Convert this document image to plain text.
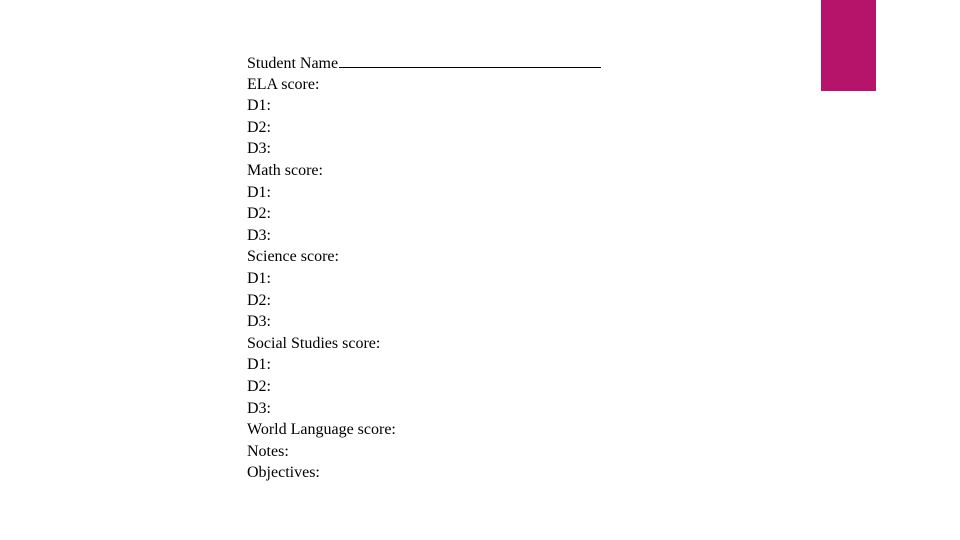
Student Name
ELA score:
D1:
D2:
D3:
Math score:
D1:
D2:
D3:
Science score:
D1:
D2:
D3:
Social Studies score:
D1:
D2:
D3:
World Language score:
Notes:
Objectives:
